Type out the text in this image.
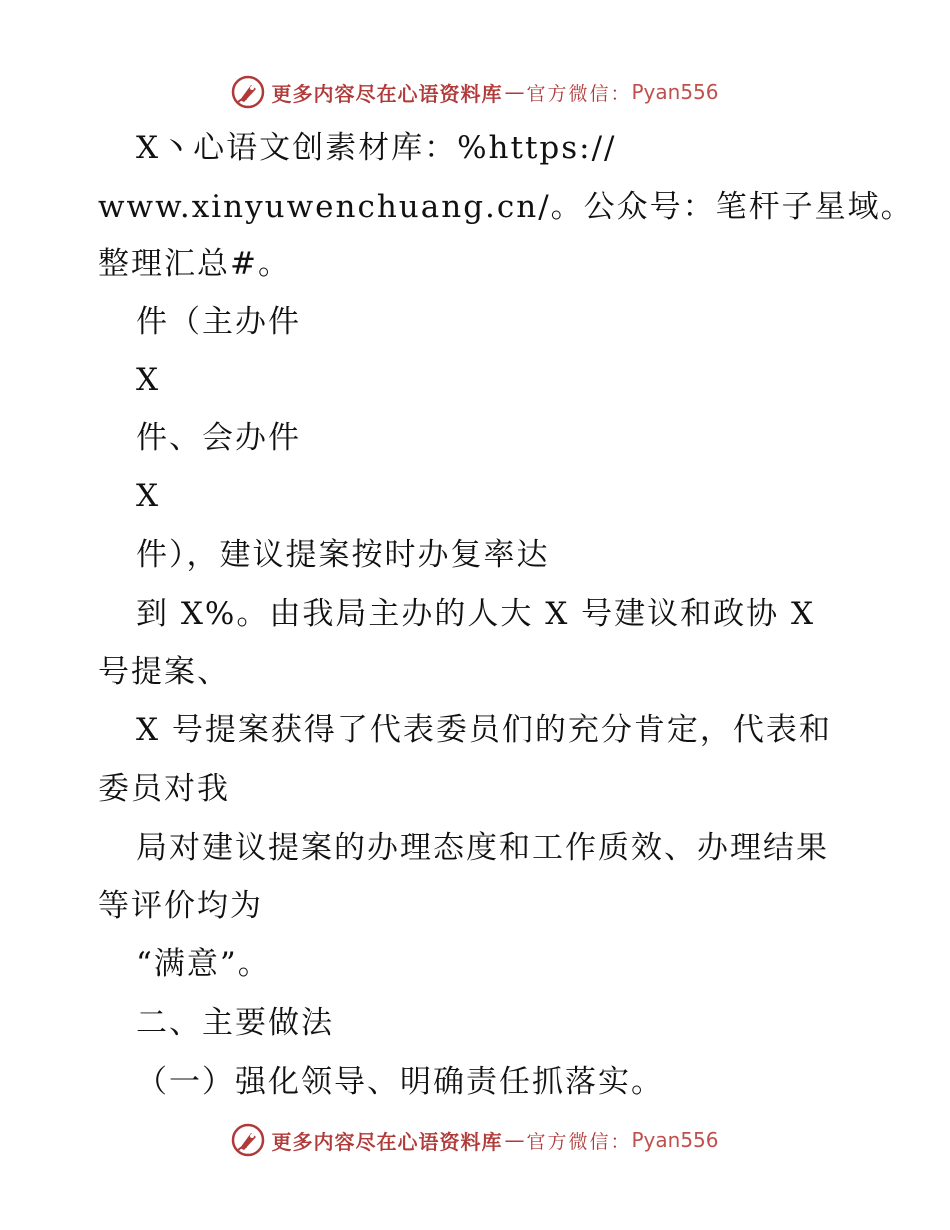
更多内容尽在心语资料库 — 官方微信： Pyan556
X丶心语文创素材库：%https://
www.xinyuwenchuang.cn/。公众号：笔杆子星域。
整理汇总#。
件（主办件
X
件、会办件
X
件），建议提案按时办复率达
到 X%。由我局主办的人大 X 号建议和政协 X
号提案、
X 号提案获得了代表委员们的充分肯定，代表和
委员对我
局对建议提案的办理态度和工作质效、办理结果
等评价均为
“满意”。
二、主要做法
（一）强化领导、明确责任抓落实。
更多内容尽在心语资料库 — 官方微信： Pyan556
